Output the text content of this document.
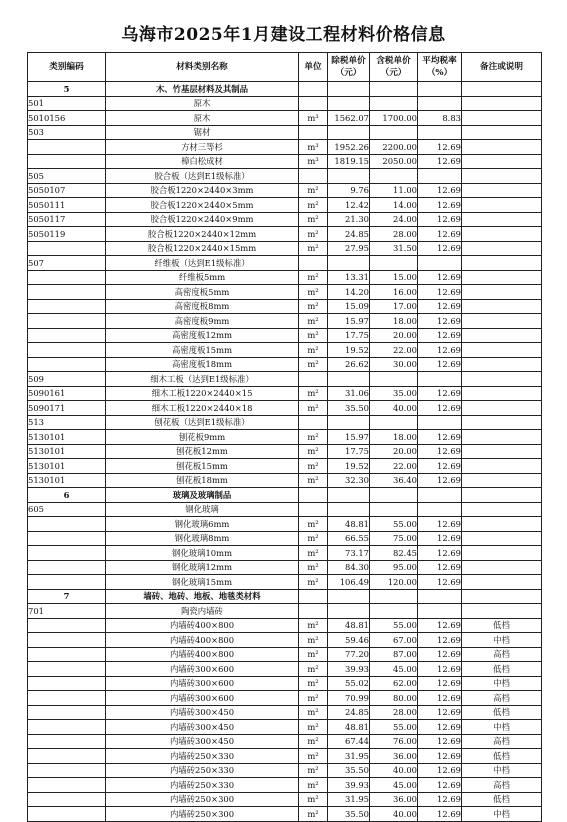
乌海市2025年1月建设工程材料价格信息
类别编码	材料类别名称	单位	除税单价（元）	含税单价（元）	平均税率（%）	备注或说明
5	木、竹基层材料及其制品					
501	原木					
5010156	原木	m³	1562.07	1700.00	8.83	
503	锯材					
	方材三等杉	m³	1952.26	2200.00	12.69	
	樟白松成材	m³	1819.15	2050.00	12.69	
505	胶合板（达到E1级标准）					
5050107	胶合板1220×2440×3mm	m²	9.76	11.00	12.69	
5050111	胶合板1220×2440×5mm	m²	12.42	14.00	12.69	
5050117	胶合板1220×2440×9mm	m²	21.30	24.00	12.69	
5050119	胶合板1220×2440×12mm	m²	24.85	28.00	12.69	
	胶合板1220×2440×15mm	m²	27.95	31.50	12.69	
507	纤维板（达到E1级标准）					
	纤维板5mm	m²	13.31	15.00	12.69	
	高密度板5mm	m²	14.20	16.00	12.69	
	高密度板8mm	m²	15.09	17.00	12.69	
	高密度板9mm	m²	15.97	18.00	12.69	
	高密度板12mm	m²	17.75	20.00	12.69	
	高密度板15mm	m²	19.52	22.00	12.69	
	高密度板18mm	m²	26.62	30.00	12.69	
509	细木工板（达到E1级标准）					
5090161	细木工板1220×2440×15	m²	31.06	35.00	12.69	
5090171	细木工板1220×2440×18	m²	35.50	40.00	12.69	
513	刨花板（达到E1级标准）					
5130101	刨花板9mm	m²	15.97	18.00	12.69	
5130101	刨花板12mm	m²	17.75	20.00	12.69	
5130101	刨花板15mm	m²	19.52	22.00	12.69	
5130101	刨花板18mm	m²	32.30	36.40	12.69	
6	玻璃及玻璃制品					
605	钢化玻璃					
	钢化玻璃6mm	m²	48.81	55.00	12.69	
	钢化玻璃8mm	m²	66.55	75.00	12.69	
	钢化玻璃10mm	m²	73.17	82.45	12.69	
	钢化玻璃12mm	m²	84.30	95.00	12.69	
	钢化玻璃15mm	m²	106.49	120.00	12.69	
7	墙砖、地砖、地板、地毯类材料					
701	陶瓷内墙砖					
	内墙砖400×800	m²	48.81	55.00	12.69	低档
	内墙砖400×800	m²	59.46	67.00	12.69	中档
	内墙砖400×800	m²	77.20	87.00	12.69	高档
	内墙砖300×600	m²	39.93	45.00	12.69	低档
	内墙砖300×600	m²	55.02	62.00	12.69	中档
	内墙砖300×600	m²	70.99	80.00	12.69	高档
	内墙砖300×450	m²	24.85	28.00	12.69	低档
	内墙砖300×450	m²	48.81	55.00	12.69	中档
	内墙砖300×450	m²	67.44	76.00	12.69	高档
	内墙砖250×330	m²	31.95	36.00	12.69	低档
	内墙砖250×330	m²	35.50	40.00	12.69	中档
	内墙砖250×330	m²	39.93	45.00	12.69	高档
	内墙砖250×300	m²	31.95	36.00	12.69	低档
	内墙砖250×300	m²	35.50	40.00	12.69	中档
